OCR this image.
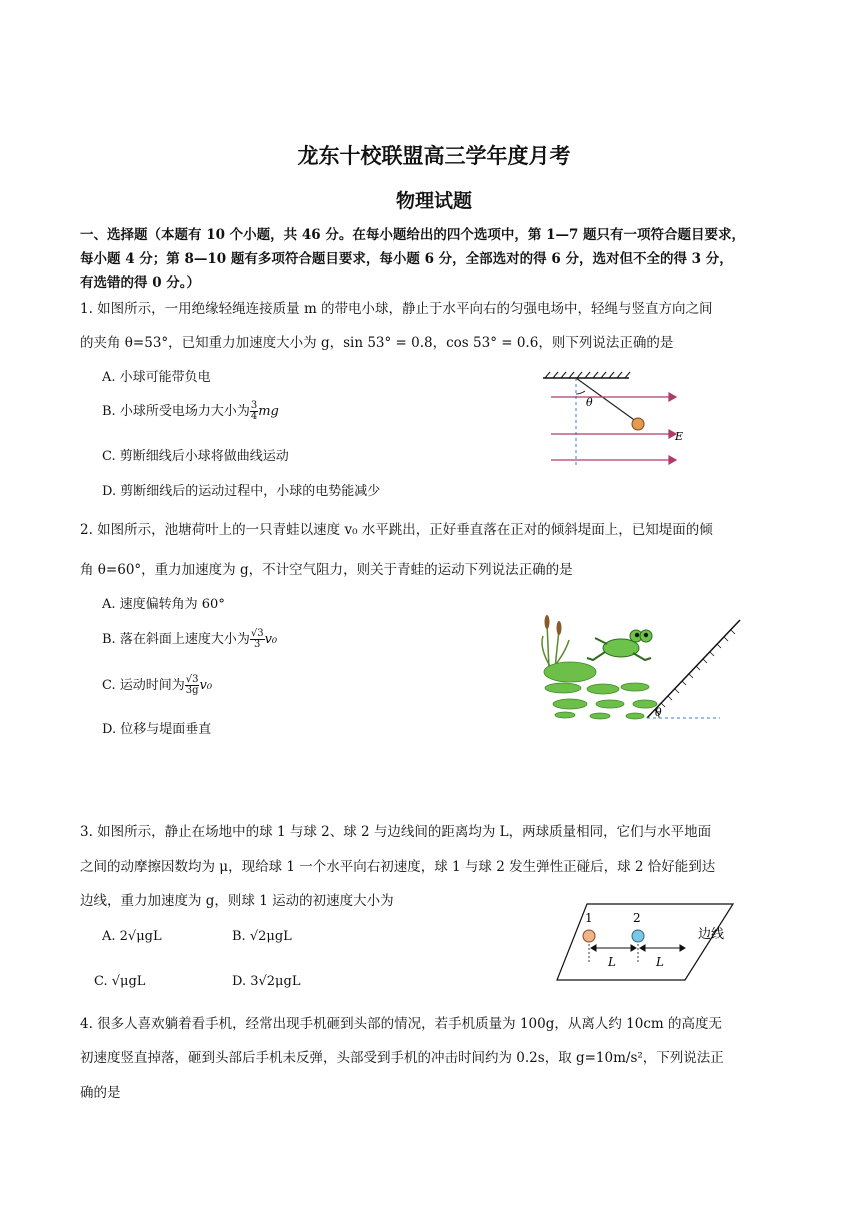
龙东十校联盟高三学年度月考
物理试题
一、选择题（本题有 10 个小题，共 46 分。在每小题给出的四个选项中，第 1—7 题只有一项符合题目要求，
每小题 4 分；第 8—10 题有多项符合题目要求，每小题 6 分，全部选对的得 6 分，选对但不全的得 3 分，
有选错的得 0 分。）
1. 如图所示，一用绝缘轻绳连接质量 m 的带电小球，静止于水平向右的匀强电场中，轻绳与竖直方向之间
的夹角 θ=53°，已知重力加速度大小为 g，sin 53° = 0.8，cos 53° = 0.6，则下列说法正确的是
A. 小球可能带负电
B. 小球所受电场力大小为 $\frac{3}{4}$ mg
C. 剪断细线后小球将做曲线运动
D. 剪断细线后的运动过程中，小球的电势能减少
θ
E
2. 如图所示，池塘荷叶上的一只青蛙以速度 v₀ 水平跳出，正好垂直落在正对的倾斜堤面上，已知堤面的倾
角 θ=60°，重力加速度为 g，不计空气阻力，则关于青蛙的运动下列说法正确的是
A. 速度偏转角为 60°
B. 落在斜面上速度大小为 $\frac{√3}{3} v_0$
C. 运动时间为 $\frac{√3}{3g} v_0$
D. 位移与堤面垂直
θ
3. 如图所示，静止在场地中的球 1 与球 2、球 2 与边线间的距离均为 L，两球质量相同，它们与水平地面
之间的动摩擦因数均为 μ，现给球 1 一个水平向右初速度，球 1 与球 2 发生弹性正碰后，球 2 恰好能到达
边线，重力加速度为 g，则球 1 运动的初速度大小为
A. 2√μgL	B. √2μgL
C. √μgL	D. 3√2μgL
1	2
L	L
边线
4. 很多人喜欢躺着看手机，经常出现手机砸到头部的情况，若手机质量为 100g，从离人约 10cm 的高度无
初速度竖直掉落，砸到头部后手机未反弹，头部受到手机的冲击时间约为 0.2s，取 g=10m/s²，下列说法正
确的是
